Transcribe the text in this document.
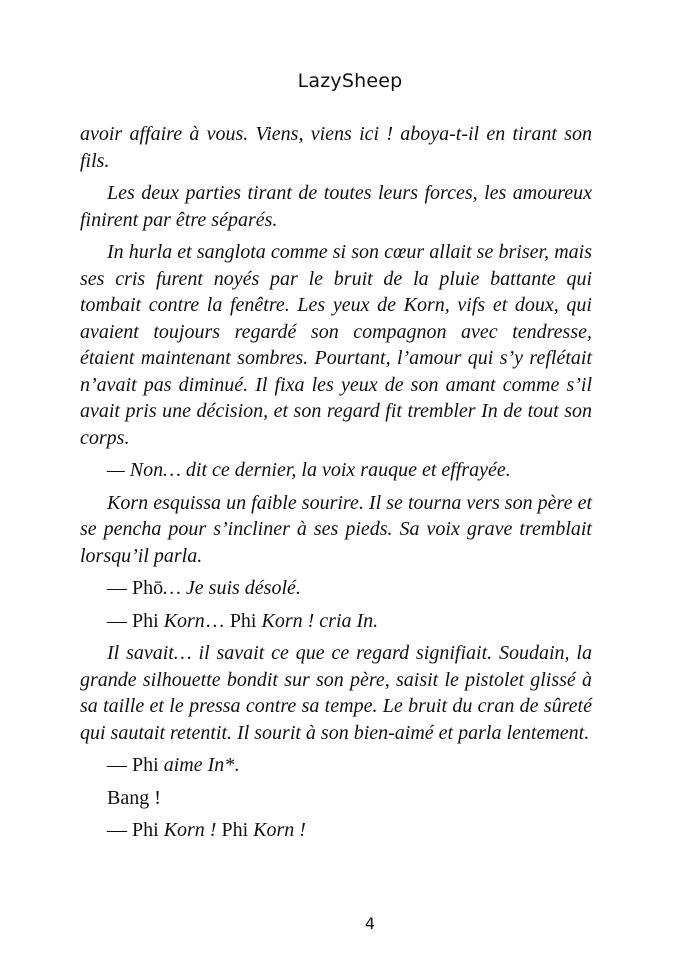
LazySheep

avoir affaire à vous. Viens, viens ici ! aboya-t-il en tirant son fils.

Les deux parties tirant de toutes leurs forces, les amoureux finirent par être séparés.

In hurla et sanglota comme si son cœur allait se briser, mais ses cris furent noyés par le bruit de la pluie battante qui tombait contre la fenêtre. Les yeux de Korn, vifs et doux, qui avaient toujours regardé son compagnon avec tendresse, étaient maintenant sombres. Pourtant, l’amour qui s’y reflétait n’avait pas diminué. Il fixa les yeux de son amant comme s’il avait pris une décision, et son regard fit trembler In de tout son corps.

— Non… dit ce dernier, la voix rauque et effrayée.

Korn esquissa un faible sourire. Il se tourna vers son père et se pencha pour s’incliner à ses pieds. Sa voix grave tremblait lorsqu’il parla.

— Phō… Je suis désolé.

— Phi Korn… Phi Korn ! cria In.

Il savait… il savait ce que ce regard signifiait. Soudain, la grande silhouette bondit sur son père, saisit le pistolet glissé à sa taille et le pressa contre sa tempe. Le bruit du cran de sûreté qui sautait retentit. Il sourit à son bien-aimé et parla lentement.

— Phi aime In*.

Bang !

— Phi Korn ! Phi Korn !

4
